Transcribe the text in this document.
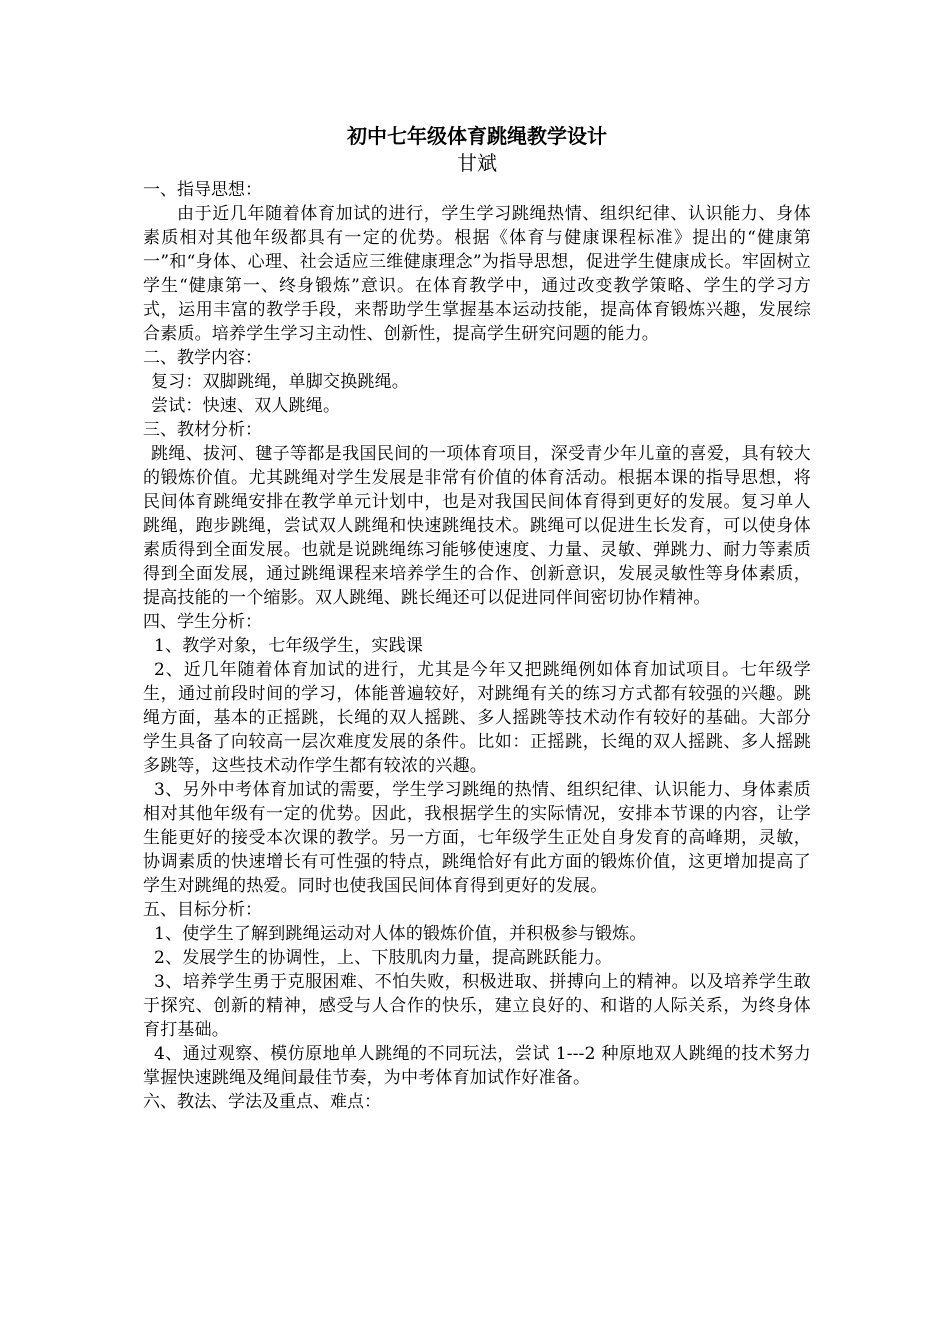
初中七年级体育跳绳教学设计

甘斌

一、指导思想：

由于近几年随着体育加试的进行，学生学习跳绳热情、组织纪律、认识能力、身体素质相对其他年级都具有一定的优势。根据《体育与健康课程标准》提出的“健康第一”和“身体、心理、社会适应三维健康理念”为指导思想，促进学生健康成长。牢固树立学生“健康第一、终身锻炼”意识。在体育教学中，通过改变教学策略、学生的学习方式，运用丰富的教学手段，来帮助学生掌握基本运动技能，提高体育锻炼兴趣，发展综合素质。培养学生学习主动性、创新性，提高学生研究问题的能力。

二、教学内容：

复习：双脚跳绳，单脚交换跳绳。

尝试：快速、双人跳绳。

三、教材分析：

跳绳、拔河、毽子等都是我国民间的一项体育项目，深受青少年儿童的喜爱，具有较大的锻炼价值。尤其跳绳对学生发展是非常有价值的体育活动。根据本课的指导思想，将民间体育跳绳安排在教学单元计划中，也是对我国民间体育得到更好的发展。复习单人跳绳，跑步跳绳，尝试双人跳绳和快速跳绳技术。跳绳可以促进生长发育，可以使身体素质得到全面发展。也就是说跳绳练习能够使速度、力量、灵敏、弹跳力、耐力等素质得到全面发展，通过跳绳课程来培养学生的合作、创新意识，发展灵敏性等身体素质，提高技能的一个缩影。双人跳绳、跳长绳还可以促进同伴间密切协作精神。

四、学生分析：

1、教学对象，七年级学生，实践课

2、近几年随着体育加试的进行，尤其是今年又把跳绳例如体育加试项目。七年级学生，通过前段时间的学习，体能普遍较好，对跳绳有关的练习方式都有较强的兴趣。跳绳方面，基本的正摇跳，长绳的双人摇跳、多人摇跳等技术动作有较好的基础。大部分学生具备了向较高一层次难度发展的条件。比如：正摇跳，长绳的双人摇跳、多人摇跳多跳等，这些技术动作学生都有较浓的兴趣。

3、另外中考体育加试的需要，学生学习跳绳的热情、组织纪律、认识能力、身体素质相对其他年级有一定的优势。因此，我根据学生的实际情况，安排本节课的内容，让学生能更好的接受本次课的教学。另一方面，七年级学生正处自身发育的高峰期，灵敏，协调素质的快速增长有可性强的特点，跳绳恰好有此方面的锻炼价值，这更增加提高了学生对跳绳的热爱。同时也使我国民间体育得到更好的发展。

五、目标分析：

1、使学生了解到跳绳运动对人体的锻炼价值，并积极参与锻炼。

2、发展学生的协调性，上、下肢肌肉力量，提高跳跃能力。

3、培养学生勇于克服困难、不怕失败，积极进取、拼搏向上的精神。以及培养学生敢于探究、创新的精神，感受与人合作的快乐，建立良好的、和谐的人际关系，为终身体育打基础。

4、通过观察、模仿原地单人跳绳的不同玩法，尝试 1---2 种原地双人跳绳的技术努力掌握快速跳绳及绳间最佳节奏，为中考体育加试作好准备。

六、教法、学法及重点、难点：
